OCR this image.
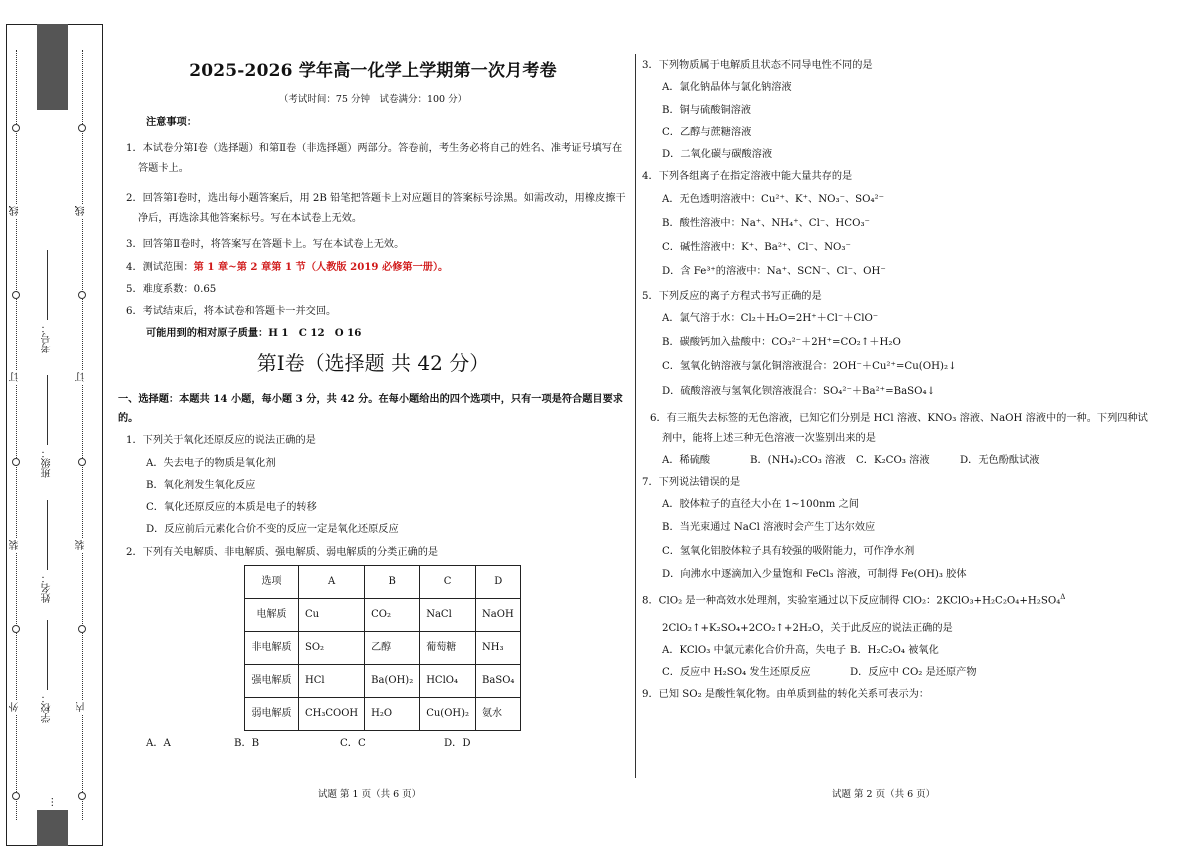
外
装
订
线
内
装
订
线
学校：
姓名：
班级：
考号：
…
2025-2026 学年高一化学上学期第一次月考卷
（考试时间：75 分钟　试卷满分：100 分）
注意事项：
1．本试卷分第Ⅰ卷（选择题）和第Ⅱ卷（非选择题）两部分。答卷前，考生务必将自己的姓名、准考证号填写在答题卡上。
2．回答第Ⅰ卷时，选出每小题答案后，用 2B 铅笔把答题卡上对应题目的答案标号涂黑。如需改动，用橡皮擦干净后，再选涂其他答案标号。写在本试卷上无效。
3．回答第Ⅱ卷时，将答案写在答题卡上。写在本试卷上无效。
4．测试范围：第 1 章~第 2 章第 1 节（人教版 2019 必修第一册）。
5．难度系数：0.65
6．考试结束后，将本试卷和答题卡一并交回。
可能用到的相对原子质量：H 1　C 12　O 16
第Ⅰ卷（选择题 共 42 分）
一、选择题：本题共 14 小题，每小题 3 分，共 42 分。在每小题给出的四个选项中，只有一项是符合题目要求的。
1．下列关于氧化还原反应的说法正确的是
A．失去电子的物质是氧化剂
B．氧化剂发生氧化反应
C．氧化还原反应的本质是电子的转移
D．反应前后元素化合价不变的反应一定是氧化还原反应
2．下列有关电解质、非电解质、强电解质、弱电解质的分类正确的是
选项	A	B	C	D
电解质	Cu	CO₂	NaCl	NaOH
非电解质	SO₂	乙醇	葡萄糖	NH₃
强电解质	HCl	Ba(OH)₂	HClO₄	BaSO₄
弱电解质	CH₃COOH	H₂O	Cu(OH)₂	氨水
A．A	B．B	C．C	D．D
3．下列物质属于电解质且状态不同导电性不同的是
A．氯化钠晶体与氯化钠溶液
B．铜与硫酸铜溶液
C．乙醇与蔗糖溶液
D．二氧化碳与碳酸溶液
4．下列各组离子在指定溶液中能大量共存的是
A．无色透明溶液中：Cu²⁺、K⁺、NO₃⁻、SO₄²⁻
B．酸性溶液中：Na⁺、NH₄⁺、Cl⁻、HCO₃⁻
C．碱性溶液中：K⁺、Ba²⁺、Cl⁻、NO₃⁻
D．含 Fe³⁺的溶液中：Na⁺、SCN⁻、Cl⁻、OH⁻
5．下列反应的离子方程式书写正确的是
A．氯气溶于水：Cl₂＋H₂O=2H⁺＋Cl⁻＋ClO⁻
B．碳酸钙加入盐酸中：CO₃²⁻＋2H⁺=CO₂↑＋H₂O
C．氢氧化钠溶液与氯化铜溶液混合：2OH⁻＋Cu²⁺=Cu(OH)₂↓
D．硫酸溶液与氢氧化钡溶液混合：SO₄²⁻＋Ba²⁺=BaSO₄↓
6．有三瓶失去标签的无色溶液，已知它们分别是 HCl 溶液、KNO₃ 溶液、NaOH 溶液中的一种。下列四种试剂中，能将上述三种无色溶液一次鉴别出来的是
A．稀硫酸	B．(NH₄)₂CO₃ 溶液	C．K₂CO₃ 溶液	D．无色酚酞试液
7．下列说法错误的是
A．胶体粒子的直径大小在 1~100nm 之间
B．当光束通过 NaCl 溶液时会产生丁达尔效应
C．氢氧化铝胶体粒子具有较强的吸附能力，可作净水剂
D．向沸水中逐滴加入少量饱和 FeCl₃ 溶液，可制得 Fe(OH)₃ 胶体
8．ClO₂ 是一种高效水处理剂，实验室通过以下反应制得 ClO₂：2KClO₃+H₂C₂O₄+H₂SO₄$^\Delta$
2ClO₂↑+K₂SO₄+2CO₂↑+2H₂O，关于此反应的说法正确的是
A．KClO₃ 中氯元素化合价升高，失电子 B．H₂C₂O₄ 被氧化
C．反应中 H₂SO₄ 发生还原反应	D．反应中 CO₂ 是还原产物
9．已知 SO₂ 是酸性氧化物。由单质到盐的转化关系可表示为：
试题 第 1 页（共 6 页）	试题 第 2 页（共 6 页）
